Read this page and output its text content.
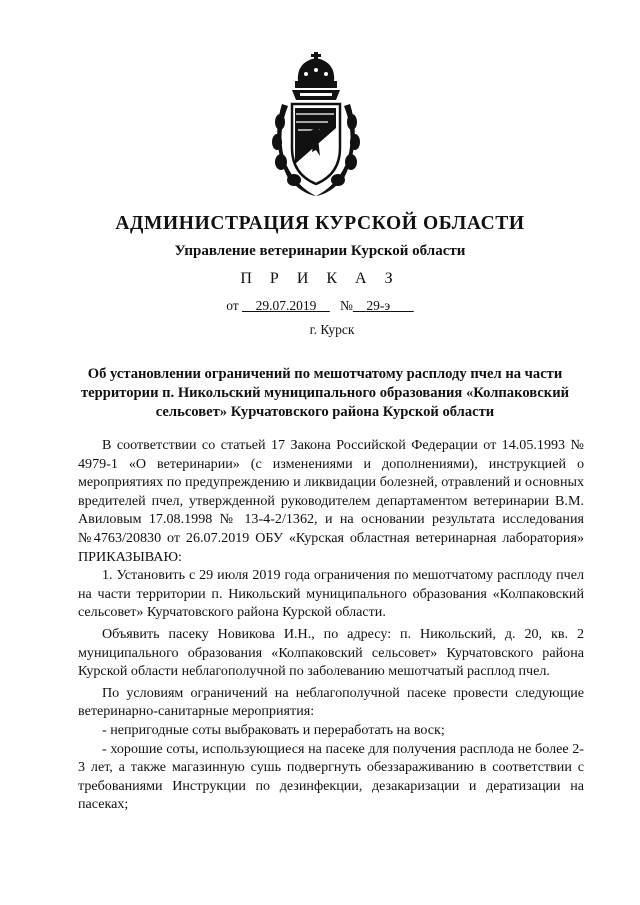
АДМИНИСТРАЦИЯ КУРСКОЙ ОБЛАСТИ
Управление ветеринарии Курской области
П Р И К А З
от 29.07.2019 № 29-э
г. Курск
Об установлении ограничений по мешотчатому расплоду пчел на части территории п. Никольский муниципального образования «Колпаковский сельсовет» Курчатовского района Курской области

В соответствии со статьей 17 Закона Российской Федерации от 14.05.1993 № 4979-1 «О ветеринарии» (с изменениями и дополнениями), инструкцией о мероприятиях по предупреждению и ликвидации болезней, отравлений и основных вредителей пчел, утвержденной руководителем департаментом ветеринарии В.М. Авиловым 17.08.1998 № 13-4-2/1362, и на основании результата исследования №4763/20830 от 26.07.2019 ОБУ «Курская областная ветеринарная лаборатория» ПРИКАЗЫВАЮ:

1. Установить с 29 июля 2019 года ограничения по мешотчатому расплоду пчел на части территории п. Никольский муниципального образования «Колпаковский сельсовет» Курчатовского района Курской области.

Объявить пасеку Новикова И.Н., по адресу: п. Никольский, д. 20, кв. 2 муниципального образования «Колпаковский сельсовет» Курчатовского района Курской области неблагополучной по заболеванию мешотчатый расплод пчел.

По условиям ограничений на неблагополучной пасеке провести следующие ветеринарно-санитарные мероприятия:

- непригодные соты выбраковать и переработать на воск;

- хорошие соты, использующиеся на пасеке для получения расплода не более 2-3 лет, а также магазинную сушь подвергнуть обеззараживанию в соответствии с требованиями Инструкции по дезинфекции, дезакаризации и дератизации на пасеках;
